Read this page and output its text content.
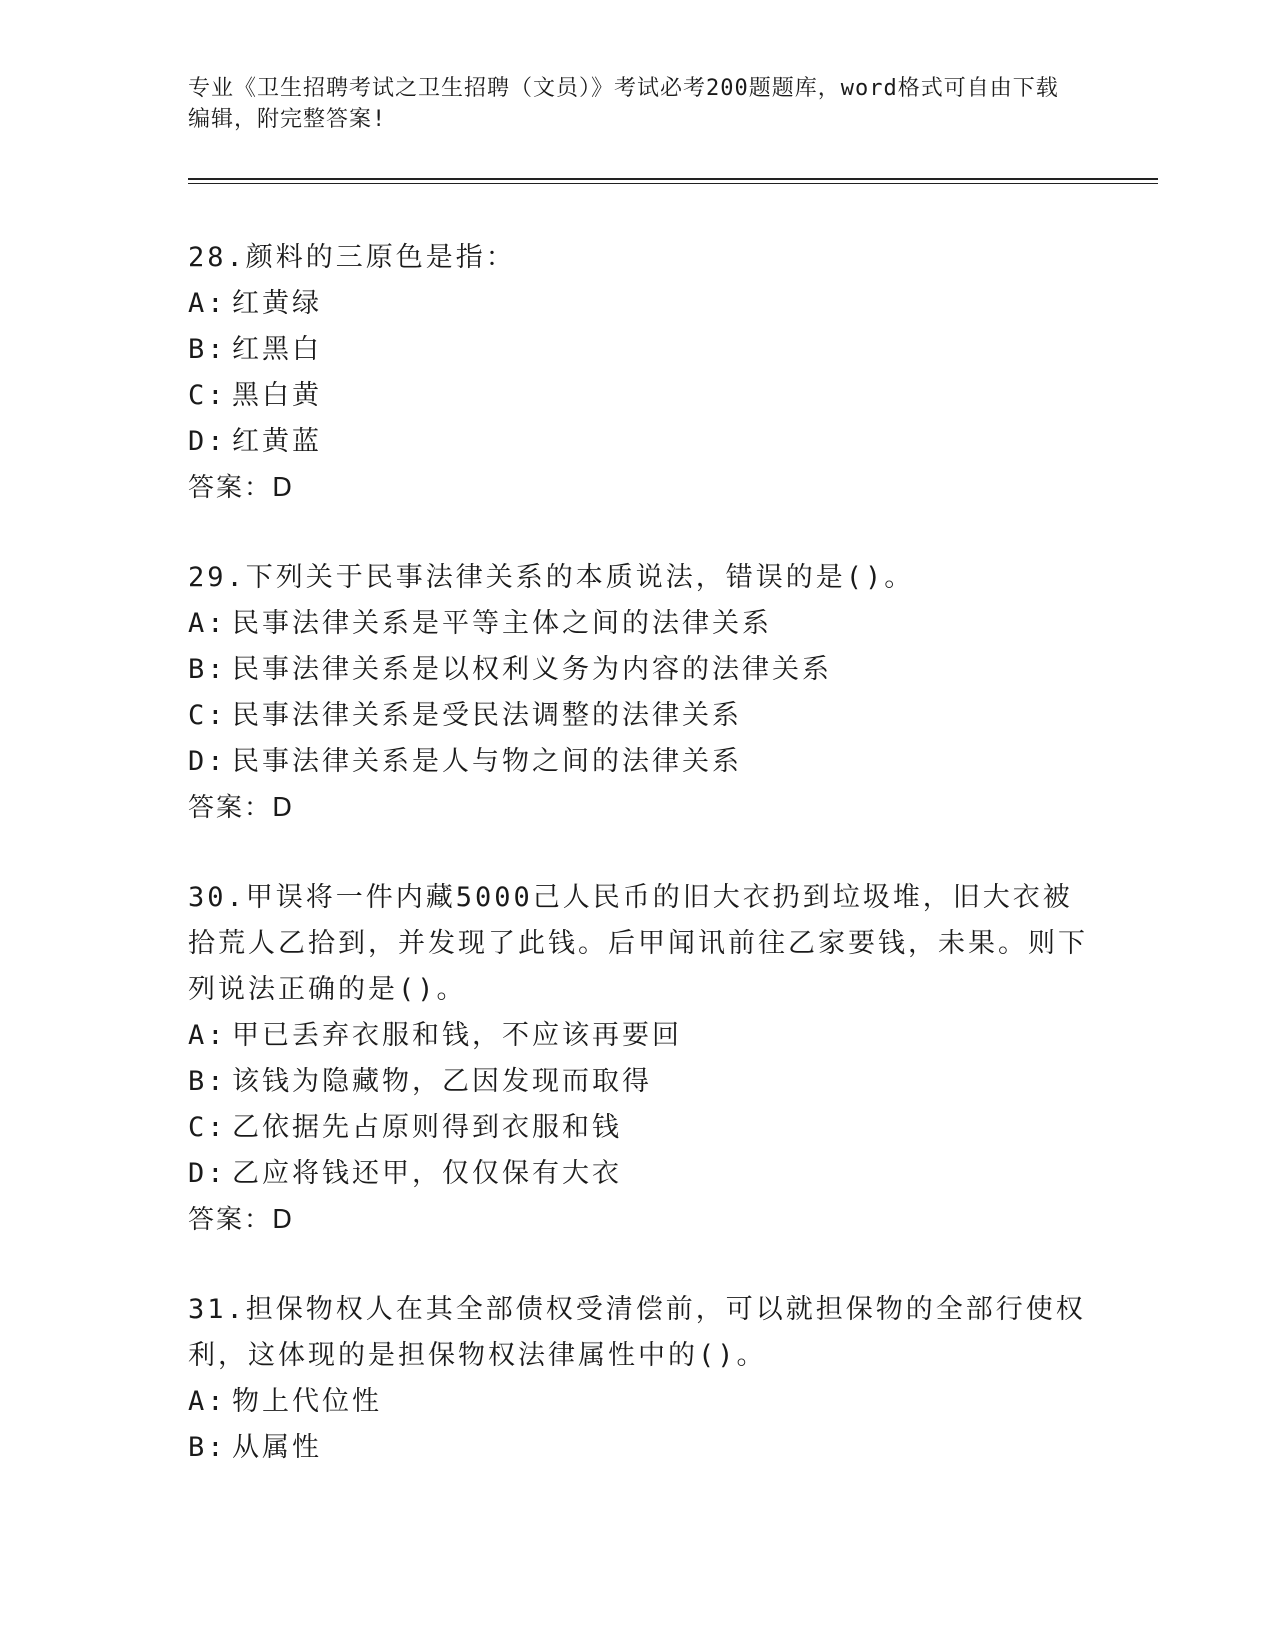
专业《卫生招聘考试之卫生招聘（文员）》考试必考200题题库，word格式可自由下载编辑，附完整答案!
28.颜料的三原色是指：
A: 红黄绿
B: 红黑白
C: 黑白黄
D: 红黄蓝
答案：D
29.下列关于民事法律关系的本质说法，错误的是()。
A: 民事法律关系是平等主体之间的法律关系
B: 民事法律关系是以权利义务为内容的法律关系
C: 民事法律关系是受民法调整的法律关系
D: 民事法律关系是人与物之间的法律关系
答案：D
30.甲误将一件内藏5000己人民币的旧大衣扔到垃圾堆，旧大衣被拾荒人乙拾到，并发现了此钱。后甲闻讯前往乙家要钱，未果。则下列说法正确的是()。
A: 甲已丢弃衣服和钱，不应该再要回
B: 该钱为隐藏物，乙因发现而取得
C: 乙依据先占原则得到衣服和钱
D: 乙应将钱还甲，仅仅保有大衣
答案：D
31.担保物权人在其全部债权受清偿前，可以就担保物的全部行使权利，这体现的是担保物权法律属性中的()。
A: 物上代位性
B: 从属性
